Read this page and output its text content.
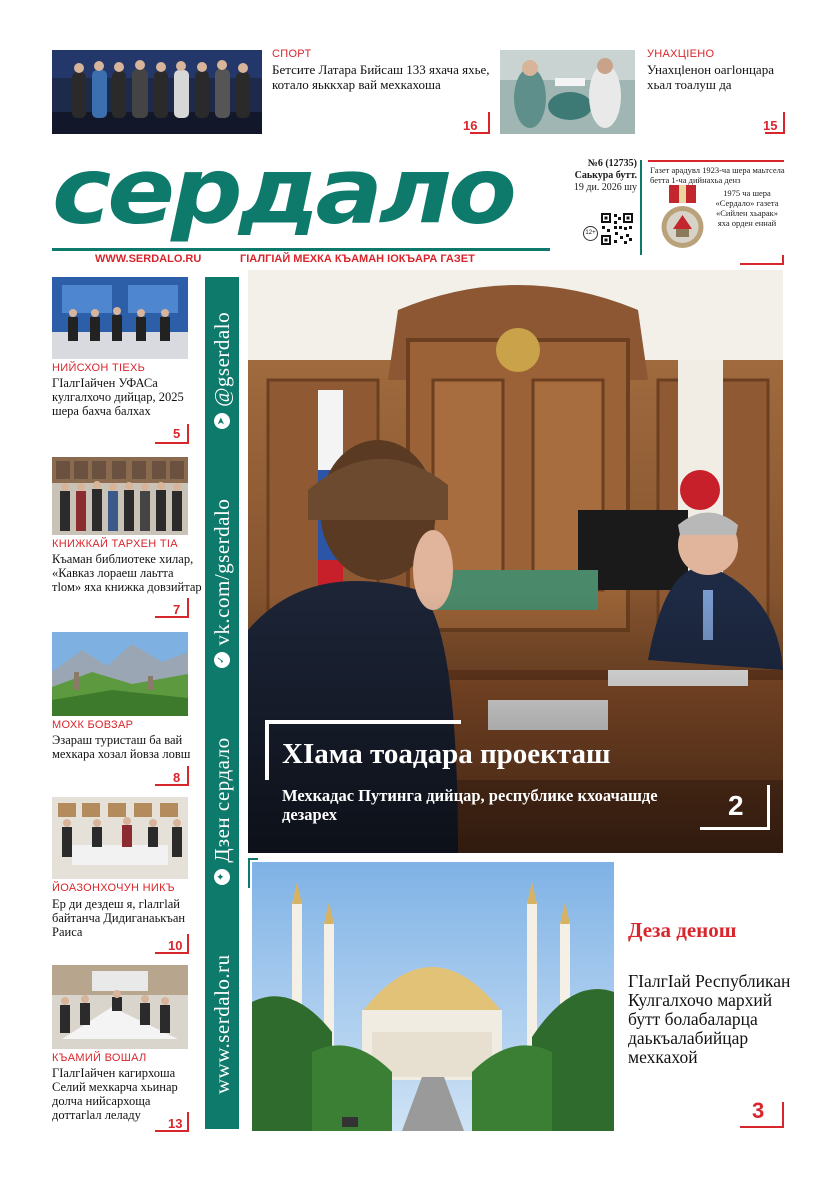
СПОРТ
Бетсите Латара Бийсаш 133 яхача яхье, котало яьккхар вай мехкахоша
16
УНАХЦIЕНО
Унахцlенон оагlонцара хьал тоалуш да
15
сердало
WWW.SERDALO.RU	ГIАЛГIАЙ МЕХКА КЪАМАН IОКЪАРА ГАЗЕТ
№6 (12735)
Саькура бутт.
19 ди. 2026 шу
12+
Газет арадувл 1923-ча шера маьтсела бетта 1-ча дийнахьа денз
1975 ча шера «Сердало» газета «Сийлен хьарак» яха орден еннай
НИЙСХОН ТIЕХЬ
ГIалгIайчен УФАСа кулгалхочо дийцар, 2025 шера бахча балхах
5
КНИЖКАЙ ТАРХЕН ТIА
Къаман библиотеке хилар, «Кавказ лораеш лаьтта тlом» яха книжка довзийтар
7
МОХК БОВЗАР
Эзараш туристаш ба вай мехкара хозал йовза ловш
8
ЙОАЗОНХОЧУН НИКЪ
Ер ди дездеш я, гlалгlай байтанча Дидиганаькъан Раиса
10
КЪАМИЙ ВОШАЛ
ГIалгIайчен кагирхоша Селий мехкарча хьинар долча нийсархоща доттагlал леладу
13
www.serdalo.ru
✦
Дзен сердало
✓
vk.com/gserdalo
➤
@gserdalo
ХIама тоадара проекташ
Мехкадас Путинга дийцар, республике кхоачашде дезарех	2
Деза денош
ГIалгIай Республикан Кулгалхочо мархий бутт болабаларца даькъалабийцар мехкахой
3
